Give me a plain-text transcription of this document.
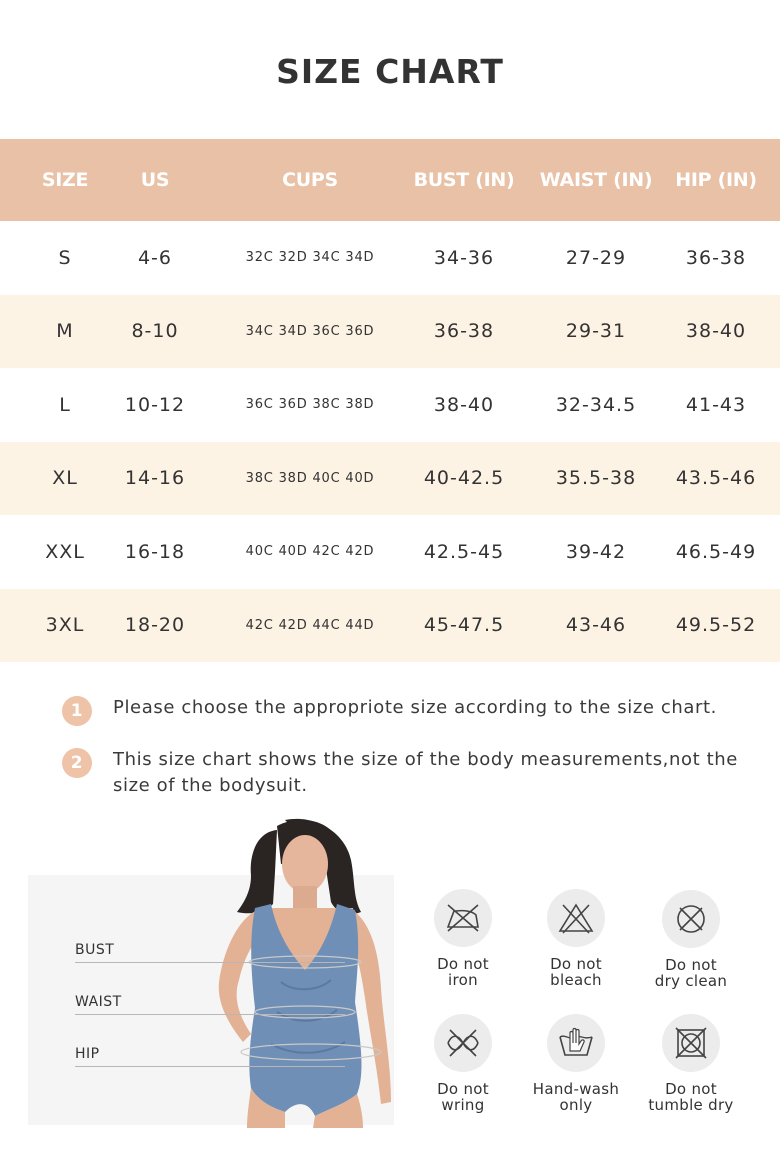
SIZE CHART
SIZE	US	CUPS	BUST (IN)	WAIST (IN)	HIP (IN)
S	4-6	32C 32D 34C 34D	34-36	27-29	36-38
M	8-10	34C 34D 36C 36D	36-38	29-31	38-40
L	10-12	36C 36D 38C 38D	38-40	32-34.5	41-43
XL	14-16	38C 38D 40C 40D	40-42.5	35.5-38	43.5-46
XXL	16-18	40C 40D 42C 42D	42.5-45	39-42	46.5-49
3XL	18-20	42C 42D 44C 44D	45-47.5	43-46	49.5-52
1	Please choose the appropriote size according to the size chart.
2	This size chart shows the size of the body measurements,not the size of the bodysuit.
BUST
WAIST
HIP
Do not
iron
Do not
bleach
Do not
dry clean
Do not
wring
Hand-wash
only
Do not
tumble dry
